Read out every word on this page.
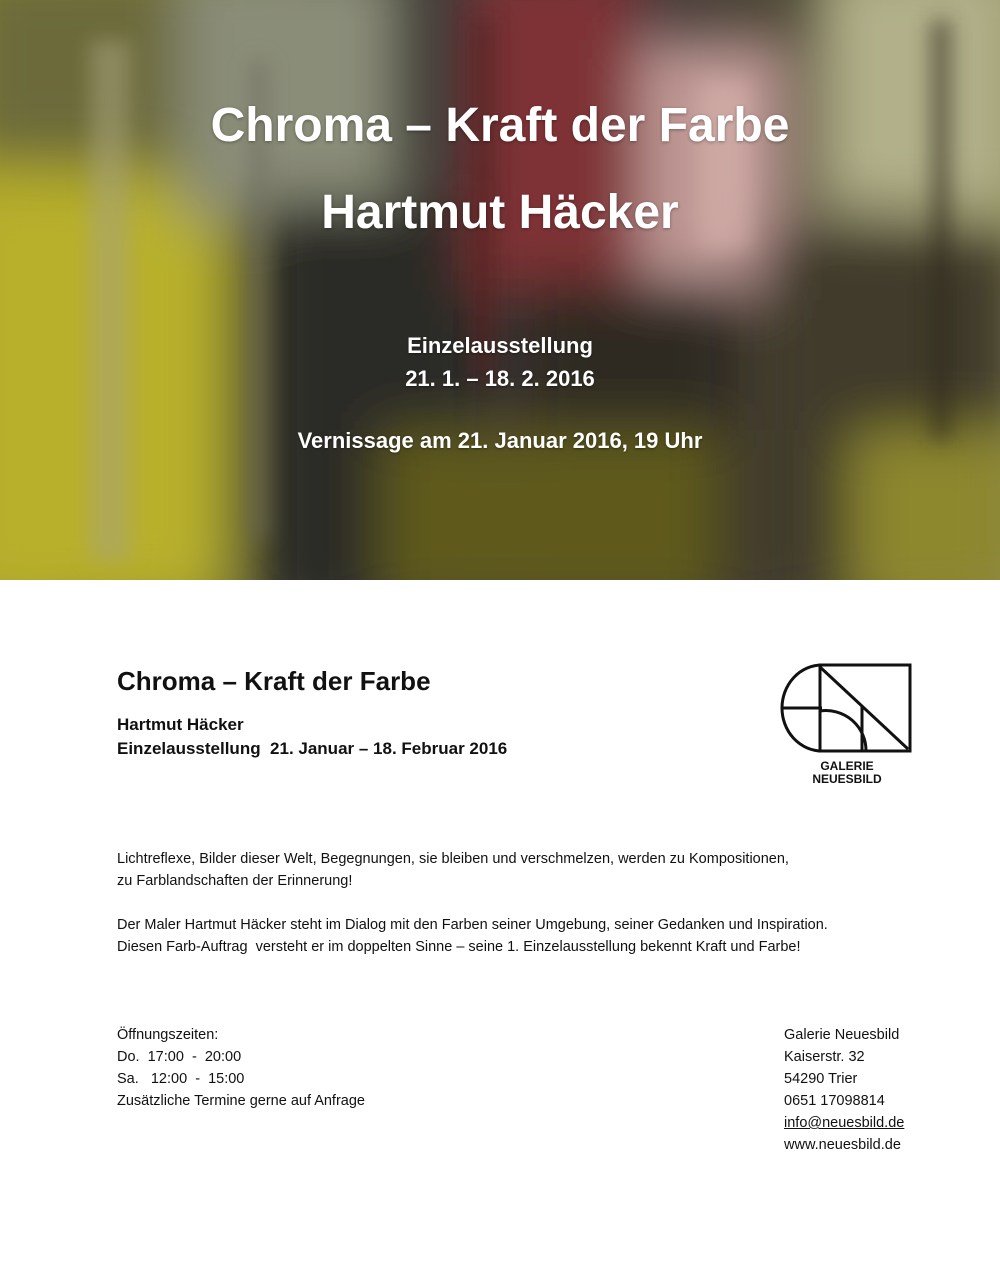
Chroma – Kraft der Farbe
Hartmut Häcker
Einzelausstellung
21. 1. – 18. 2. 2016
Vernissage am 21. Januar 2016, 19 Uhr
Chroma – Kraft der Farbe
Hartmut Häcker
Einzelausstellung  21. Januar – 18. Februar 2016
GALERIE
NEUESBILD
Lichtreflexe, Bilder dieser Welt, Begegnungen, sie bleiben und verschmelzen, werden zu Kompositionen,
zu Farblandschaften der Erinnerung!
Der Maler Hartmut Häcker steht im Dialog mit den Farben seiner Umgebung, seiner Gedanken und Inspiration.
Diesen Farb-Auftrag  versteht er im doppelten Sinne – seine 1. Einzelausstellung bekennt Kraft und Farbe!
Öffnungszeiten:
Do.  17:00  -  20:00
Sa.   12:00  -  15:00
Zusätzliche Termine gerne auf Anfrage
Galerie Neuesbild
Kaiserstr. 32
54290 Trier
0651 17098814
info@neuesbild.de
www.neuesbild.de
